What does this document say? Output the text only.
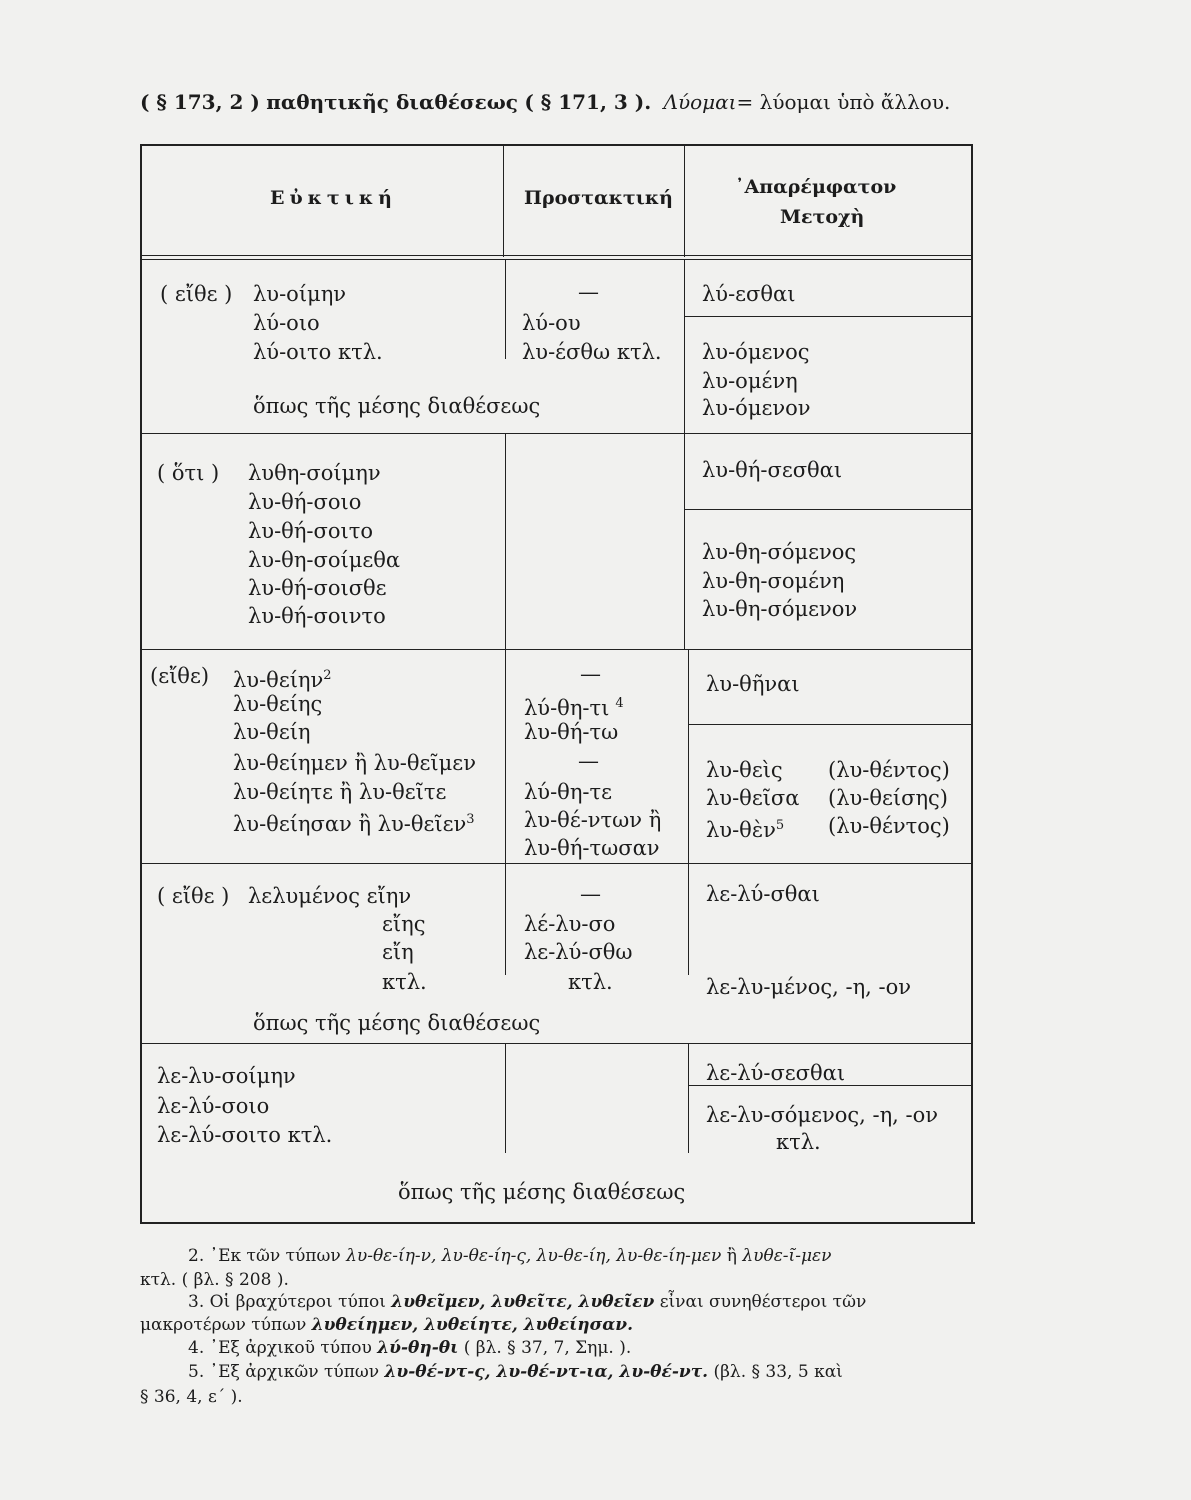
( § 173, 2 ) παθητικῆς διαθέσεως ( § 171, 3 ). Λύομαι= λύομαι ὑπὸ ἄλλου.
Εὐκτική	Προστακτική	᾿Απαρέμφατον
Μετοχὴ
( εἴθε ) λυ-οίμην
λύ-οιο
λύ-οιτο κτλ.
—
λύ-ου
λυ-έσθω κτλ.
λύ-εσθαι
λυ-όμενος
λυ-ομένη
λυ-όμενον
ὅπως τῆς μέσης διαθέσεως
( ὅτι ) λυθη-σοίμην
λυ-θή-σοιο
λυ-θή-σοιτο
λυ-θη-σοίμεθα
λυ-θή-σοισθε
λυ-θή-σοιντο
λυ-θή-σεσθαι
λυ-θη-σόμενος
λυ-θη-σομένη
λυ-θη-σόμενον
(εἴθε) λυ-θείην$^2$
λυ-θείης
λυ-θείη
λυ-θείημεν ἢ λυ-θεῖμεν
λυ-θείητε ἢ λυ-θεῖτε
λυ-θείησαν ἢ λυ-θεῖεν$^3$
—
λύ-θη-τι $^4$
λυ-θή-τω
—
λύ-θη-τε
λυ-θέ-ντων ἢ
λυ-θή-τωσαν
λυ-θῆναι
λυ-θεὶς
λυ-θεῖσα
λυ-θὲν$^5$
(λυ-θέντος)
(λυ-θείσης)
(λυ-θέντος)
( εἴθε ) λελυμένος εἴην
εἴης
εἴη
κτλ.
—
λέ-λυ-σο
λε-λύ-σθω
κτλ.
λε-λύ-σθαι
λε-λυ-μένος, -η, -ον
ὅπως τῆς μέσης διαθέσεως
λε-λυ-σοίμην
λε-λύ-σοιο
λε-λύ-σοιτο κτλ.
λε-λύ-σεσθαι
λε-λυ-σόμενος, -η, -ον
κτλ.
ὅπως τῆς μέσης διαθέσεως
2. ᾿Εκ τῶν τύπων λυ-θε-ίη-ν, λυ-θε-ίη-ς, λυ-θε-ίη, λυ-θε-ίη-μεν ἢ λυθε-ῖ-μεν
κτλ. ( βλ. § 208 ).
3. Οἱ βραχύτεροι τύποι λυθεῖμεν, λυθεῖτε, λυθεῖεν εἶναι συνηθέστεροι τῶν
μακροτέρων τύπων λυθείημεν, λυθείητε, λυθείησαν.
4. ᾿Εξ ἀρχικοῦ τύπου λύ-θη-θι ( βλ. § 37, 7, Σημ. ).
5. ᾿Εξ ἀρχικῶν τύπων λυ-θέ-ντ-ς, λυ-θέ-ντ-ια, λυ-θέ-ντ. (βλ. § 33, 5 καὶ
§ 36, 4, ε΄ ).
